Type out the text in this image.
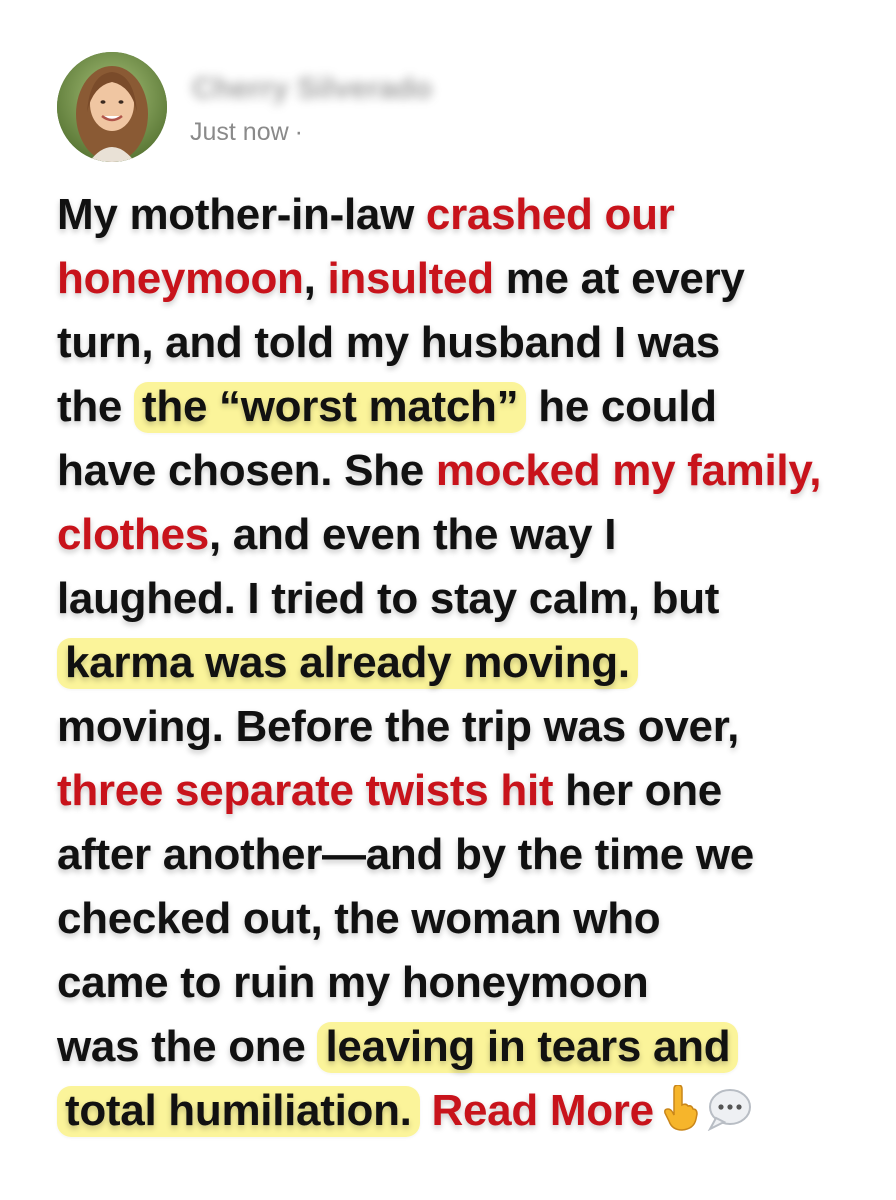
Cherry Silverado
Just now ·
My mother-in-law crashed our
honeymoon, insulted me at every
turn, and told my husband I was
the the “worst match” he could
have chosen. She mocked my family,
clothes, and even the way I
laughed. I tried to stay calm, but
karma was already moving.
moving. Before the trip was over,
three separate twists hit her one
after another—and by the time we
checked out, the woman who
came to ruin my honeymoon
was the one leaving in tears and
total humiliation. Read More
